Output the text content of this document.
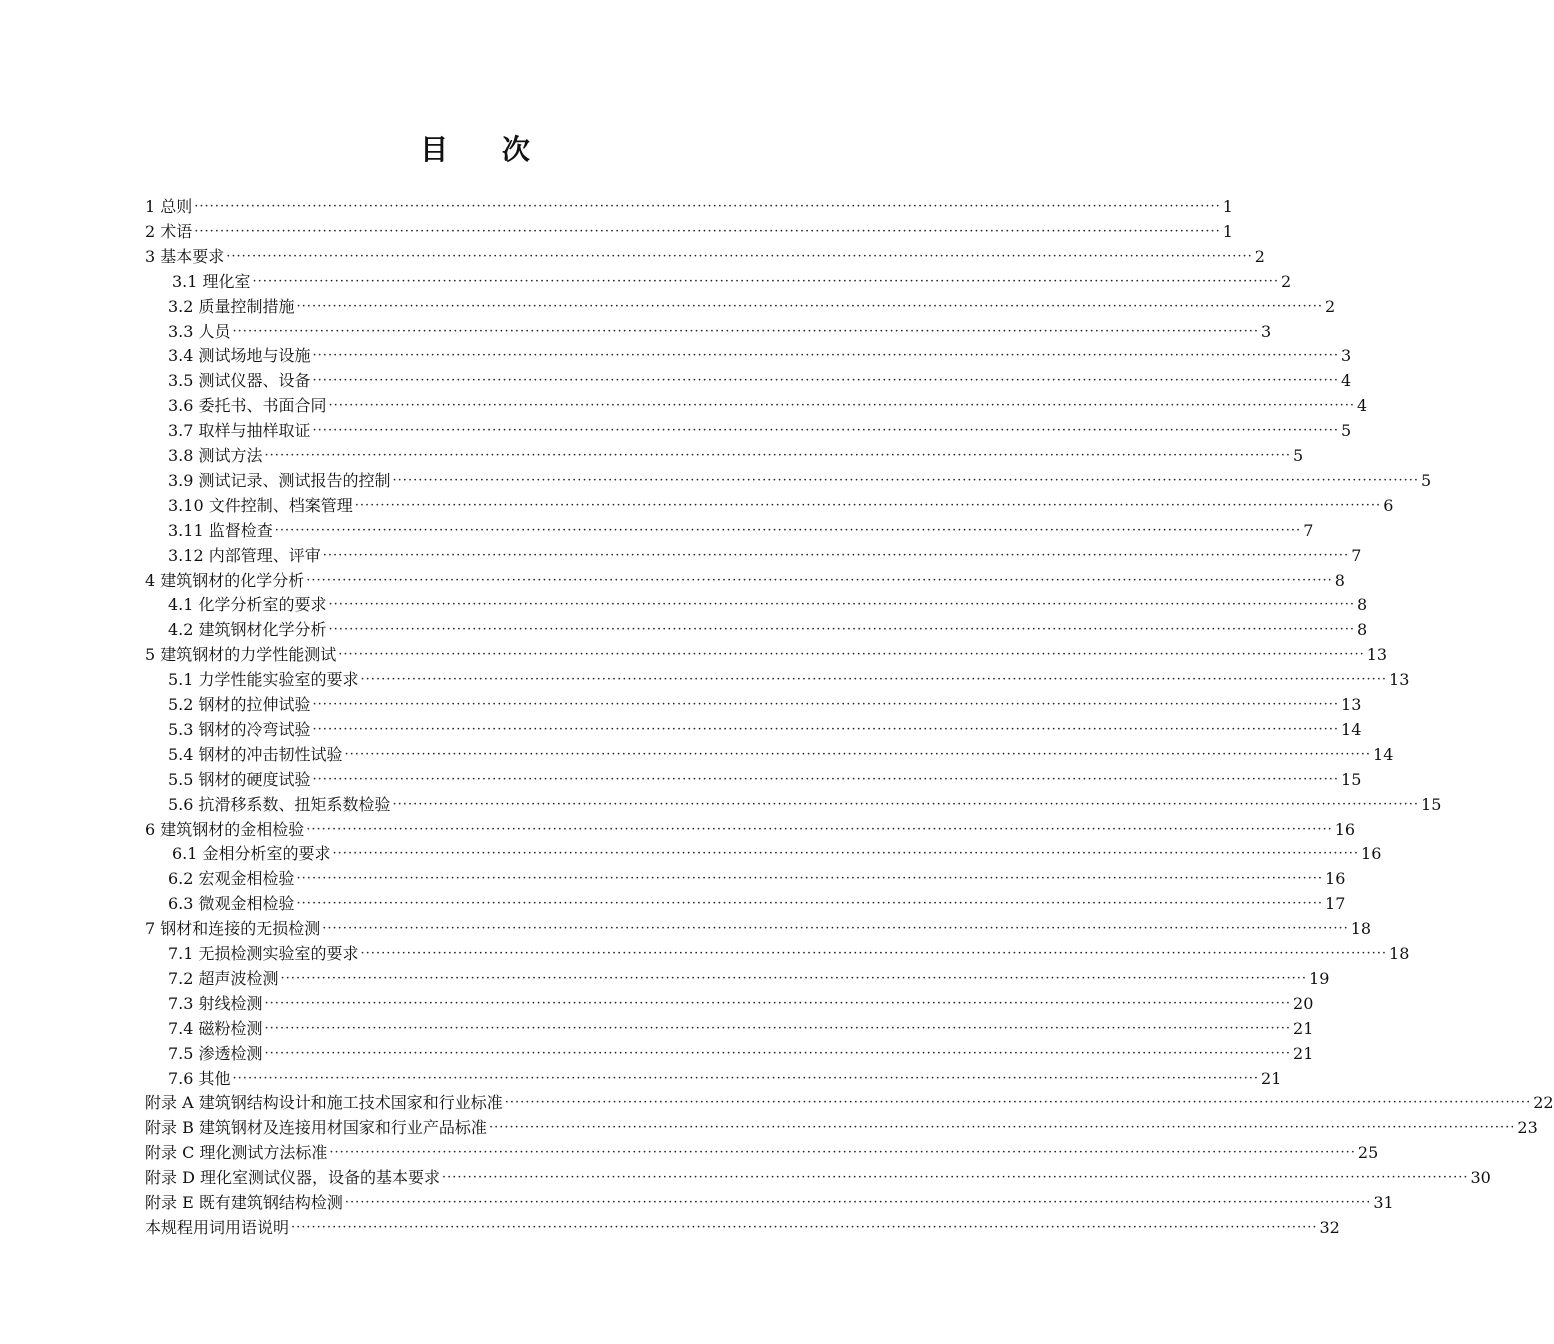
目 次
1 总则 ········································································································································································································ 1
2 术语 ········································································································································································································ 1
3 基本要求 ········································································································································································································ 2
3.1 理化室 ········································································································································································································ 2
3.2 质量控制措施 ········································································································································································································ 2
3.3 人员 ········································································································································································································ 3
3.4 测试场地与设施 ········································································································································································································ 3
3.5 测试仪器、设备 ········································································································································································································ 4
3.6 委托书、书面合同 ········································································································································································································ 4
3.7 取样与抽样取证 ········································································································································································································ 5
3.8 测试方法 ········································································································································································································ 5
3.9 测试记录、测试报告的控制 ········································································································································································································ 5
3.10 文件控制、档案管理 ········································································································································································································ 6
3.11 监督检查 ········································································································································································································ 7
3.12 内部管理、评审 ········································································································································································································ 7
4 建筑钢材的化学分析 ········································································································································································································ 8
4.1 化学分析室的要求 ········································································································································································································ 8
4.2 建筑钢材化学分析 ········································································································································································································ 8
5 建筑钢材的力学性能测试 ········································································································································································································ 13
5.1 力学性能实验室的要求 ········································································································································································································ 13
5.2 钢材的拉伸试验 ········································································································································································································ 13
5.3 钢材的冷弯试验 ········································································································································································································ 14
5.4 钢材的冲击韧性试验 ········································································································································································································ 14
5.5 钢材的硬度试验 ········································································································································································································ 15
5.6 抗滑移系数、扭矩系数检验 ········································································································································································································ 15
6 建筑钢材的金相检验 ········································································································································································································ 16
6.1 金相分析室的要求 ········································································································································································································ 16
6.2 宏观金相检验 ········································································································································································································ 16
6.3 微观金相检验 ········································································································································································································ 17
7 钢材和连接的无损检测 ········································································································································································································ 18
7.1 无损检测实验室的要求 ········································································································································································································ 18
7.2 超声波检测 ········································································································································································································ 19
7.3 射线检测 ········································································································································································································ 20
7.4 磁粉检测 ········································································································································································································ 21
7.5 渗透检测 ········································································································································································································ 21
7.6 其他 ········································································································································································································ 21
附录 A 建筑钢结构设计和施工技术国家和行业标准 ········································································································································································································ 22
附录 B 建筑钢材及连接用材国家和行业产品标准 ········································································································································································································ 23
附录 C 理化测试方法标准 ········································································································································································································ 25
附录 D 理化室测试仪器，设备的基本要求 ········································································································································································································ 30
附录 E 既有建筑钢结构检测 ········································································································································································································ 31
本规程用词用语说明 ········································································································································································································ 32
